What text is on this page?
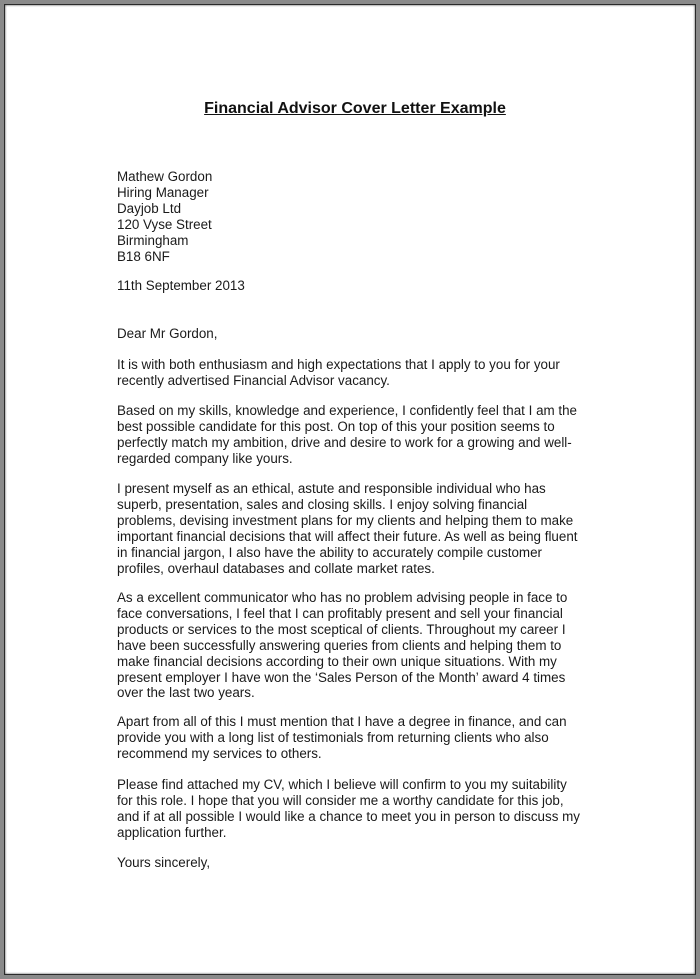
Financial Advisor Cover Letter Example
Mathew Gordon
Hiring Manager
Dayjob Ltd
120 Vyse Street
Birmingham
B18 6NF
11th September 2013
Dear Mr Gordon,
It is with both enthusiasm and high expectations that I apply to you for your
recently advertised Financial Advisor vacancy.
Based on my skills, knowledge and experience, I confidently feel that I am the
best possible candidate for this post. On top of this your position seems to
perfectly match my ambition, drive and desire to work for a growing and well-
regarded company like yours.
I present myself as an ethical, astute and responsible individual who has
superb, presentation, sales and closing skills. I enjoy solving financial
problems, devising investment plans for my clients and helping them to make
important financial decisions that will affect their future. As well as being fluent
in financial jargon, I also have the ability to accurately compile customer
profiles, overhaul databases and collate market rates.
As a excellent communicator who has no problem advising people in face to
face conversations, I feel that I can profitably present and sell your financial
products or services to the most sceptical of clients. Throughout my career I
have been successfully answering queries from clients and helping them to
make financial decisions according to their own unique situations. With my
present employer I have won the ‘Sales Person of the Month’ award 4 times
over the last two years.
Apart from all of this I must mention that I have a degree in finance, and can
provide you with a long list of testimonials from returning clients who also
recommend my services to others.
Please find attached my CV, which I believe will confirm to you my suitability
for this role. I hope that you will consider me a worthy candidate for this job,
and if at all possible I would like a chance to meet you in person to discuss my
application further.
Yours sincerely,
